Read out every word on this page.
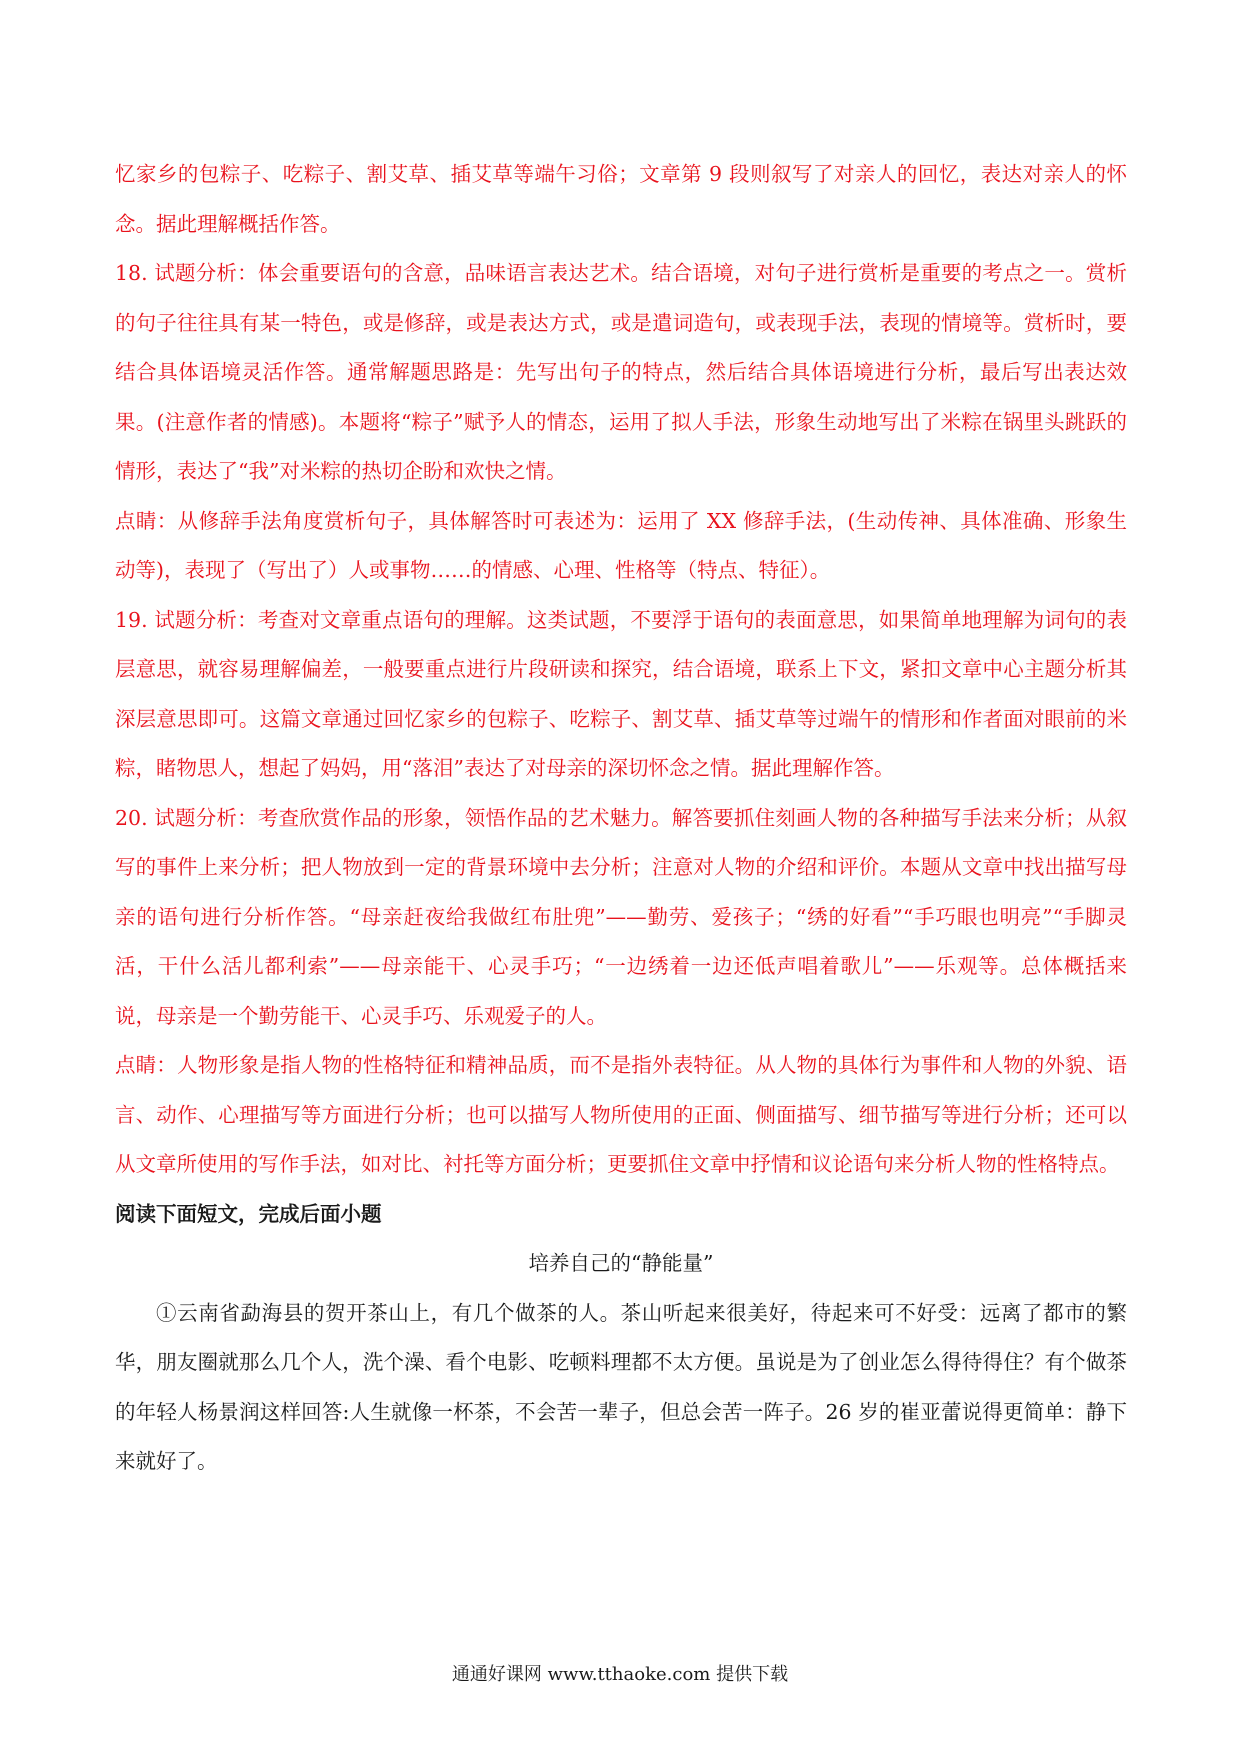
忆家乡的包粽子、吃粽子、割艾草、插艾草等端午习俗；文章第 9 段则叙写了对亲人的回忆，表达对亲人的怀念。据此理解概括作答。

18. 试题分析：体会重要语句的含意，品味语言表达艺术。结合语境，对句子进行赏析是重要的考点之一。赏析的句子往往具有某一特色，或是修辞，或是表达方式，或是遣词造句，或表现手法，表现的情境等。赏析时，要结合具体语境灵活作答。通常解题思路是：先写出句子的特点，然后结合具体语境进行分析，最后写出表达效果。(注意作者的情感)。本题将“粽子”赋予人的情态，运用了拟人手法，形象生动地写出了米粽在锅里头跳跃的情形，表达了“我”对米粽的热切企盼和欢快之情。

点睛：从修辞手法角度赏析句子，具体解答时可表述为：运用了 XX 修辞手法，(生动传神、具体准确、形象生动等)，表现了（写出了）人或事物……的情感、心理、性格等（特点、特征）。

19. 试题分析：考查对文章重点语句的理解。这类试题，不要浮于语句的表面意思，如果简单地理解为词句的表层意思，就容易理解偏差，一般要重点进行片段研读和探究，结合语境，联系上下文，紧扣文章中心主题分析其深层意思即可。这篇文章通过回忆家乡的包粽子、吃粽子、割艾草、插艾草等过端午的情形和作者面对眼前的米粽，睹物思人，想起了妈妈，用“落泪”表达了对母亲的深切怀念之情。据此理解作答。

20. 试题分析：考查欣赏作品的形象，领悟作品的艺术魅力。解答要抓住刻画人物的各种描写手法来分析；从叙写的事件上来分析；把人物放到一定的背景环境中去分析；注意对人物的介绍和评价。本题从文章中找出描写母亲的语句进行分析作答。“母亲赶夜给我做红布肚兜”——勤劳、爱孩子；“绣的好看”“手巧眼也明亮”“手脚灵活，干什么活儿都利索”——母亲能干、心灵手巧；“一边绣着一边还低声唱着歌儿”——乐观等。总体概括来说，母亲是一个勤劳能干、心灵手巧、乐观爱子的人。

点睛：人物形象是指人物的性格特征和精神品质，而不是指外表特征。从人物的具体行为事件和人物的外貌、语言、动作、心理描写等方面进行分析；也可以描写人物所使用的正面、侧面描写、细节描写等进行分析；还可以从文章所使用的写作手法，如对比、衬托等方面分析；更要抓住文章中抒情和议论语句来分析人物的性格特点。

阅读下面短文，完成后面小题

培养自己的“静能量”

①云南省勐海县的贺开茶山上，有几个做茶的人。茶山听起来很美好，待起来可不好受：远离了都市的繁华，朋友圈就那么几个人，洗个澡、看个电影、吃顿料理都不太方便。虽说是为了创业怎么得待得住？有个做茶的年轻人杨景润这样回答:人生就像一杯茶，不会苦一辈子，但总会苦一阵子。26 岁的崔亚蕾说得更简单：静下来就好了。

通通好课网 www.tthaoke.com 提供下载
